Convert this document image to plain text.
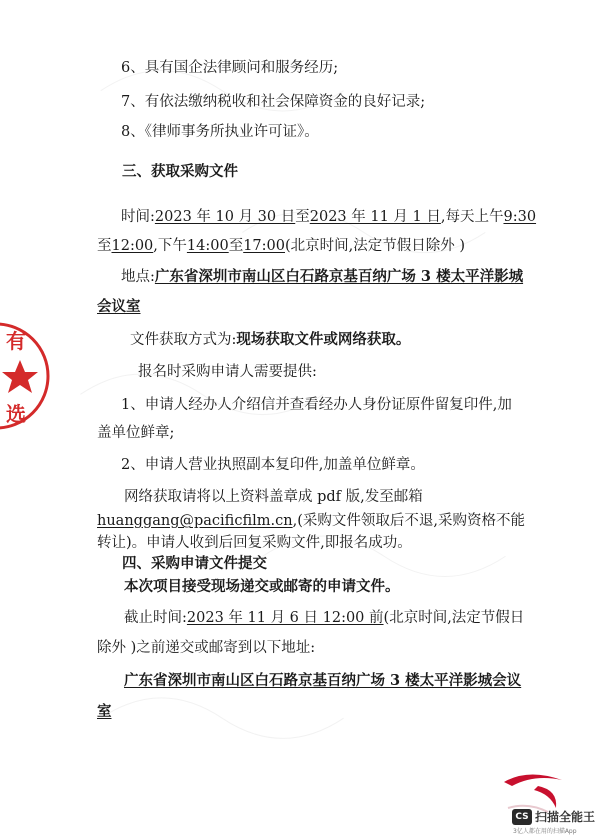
有
选
6、具有国企法律顾问和服务经历;
7、有依法缴纳税收和社会保障资金的良好记录;
8、《律师事务所执业许可证》。
三、获取采购文件
时间:2023 年 10 月 30 日至2023 年 11 月 1 日,每天上午9:30
至12:00,下午14:00至17:00(北京时间,法定节假日除外 )
地点:广东省深圳市南山区白石路京基百纳广场 3 楼太平洋影城
会议室
文件获取方式为:现场获取文件或网络获取。
报名时采购申请人需要提供:
1、申请人经办人介绍信并查看经办人身份证原件留复印件,加
盖单位鲜章;
2、申请人营业执照副本复印件,加盖单位鲜章。
网络获取请将以上资料盖章成 pdf 版,发至邮箱
huanggang@pacificfilm.cn,(采购文件领取后不退,采购资格不能
转让)。申请人收到后回复采购文件,即报名成功。
四、采购申请文件提交
本次项目接受现场递交或邮寄的申请文件。
截止时间:2023 年 11 月 6 日 12:00 前(北京时间,法定节假日
除外 )之前递交或邮寄到以下地址:
广东省深圳市南山区白石路京基百纳广场 3 楼太平洋影城会议
室
CS 扫描全能王
3亿人都在用的扫描App
